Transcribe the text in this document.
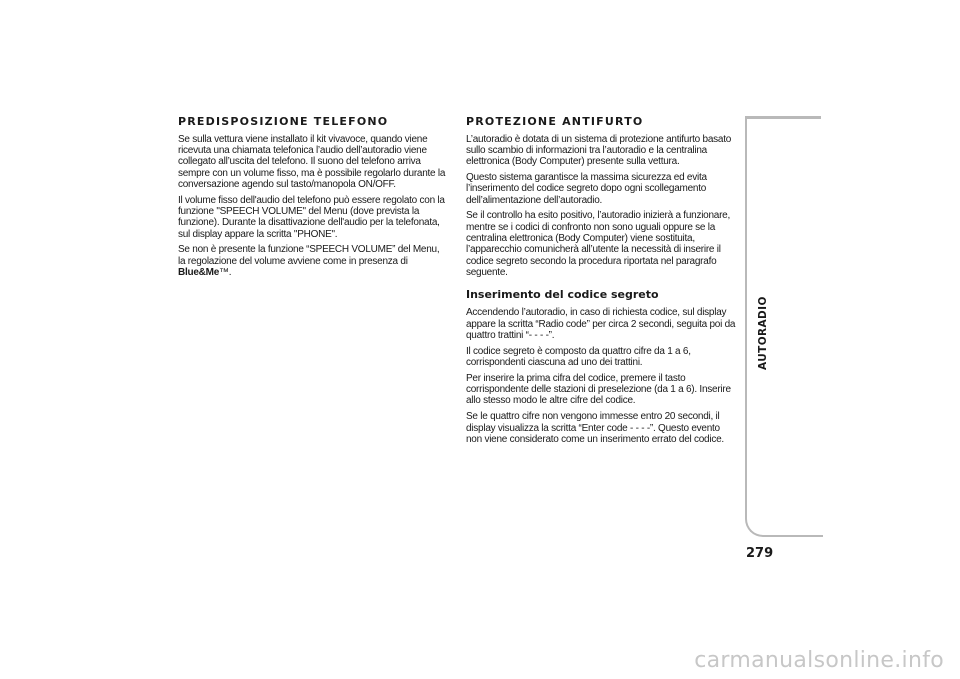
PREDISPOSIZIONE TELEFONO

Se sulla vettura viene installato il kit vivavoce, quando viene ricevuta una chiamata telefonica l’audio dell’autoradio viene collegato all’uscita del telefono. Il suono del telefono arriva sempre con un volume fisso, ma è possibile regolarlo durante la conversazione agendo sul tasto/manopola ON/OFF.

Il volume fisso dell'audio del telefono può essere regolato con la funzione "SPEECH VOLUME" del Menu (dove prevista la funzione). Durante la disattivazione dell'audio per la telefonata, sul display appare la scritta "PHONE".

Se non è presente la funzione “SPEECH VOLUME” del Menu, la regolazione del volume avviene come in presenza di
Blue&Me™.

PROTEZIONE ANTIFURTO

L’autoradio è dotata di un sistema di protezione antifurto basato sullo scambio di informazioni tra l’autoradio e la centralina elettronica (Body Computer) presente sulla vettura.

Questo sistema garantisce la massima sicurezza ed evita l’inserimento del codice segreto dopo ogni scollegamento dell’alimentazione dell’autoradio.

Se il controllo ha esito positivo, l’autoradio inizierà a funzionare, mentre se i codici di confronto non sono uguali oppure se la centralina elettronica (Body Computer) viene sostituita, l’apparecchio comunicherà all’utente la necessità di inserire il codice segreto secondo la procedura riportata nel paragrafo seguente.

Inserimento del codice segreto

Accendendo l’autoradio, in caso di richiesta codice, sul display appare la scritta “Radio code” per circa 2 secondi, seguita poi da quattro trattini “- - - -”.

Il codice segreto è composto da quattro cifre da 1 a 6, corrispondenti ciascuna ad uno dei trattini.

Per inserire la prima cifra del codice, premere il tasto corrispondente delle stazioni di preselezione (da 1 a 6). Inserire allo stesso modo le altre cifre del codice.

Se le quattro cifre non vengono immesse entro 20 secondi, il display visualizza la scritta “Enter code - - - -”. Questo evento non viene considerato come un inserimento errato del codice.

AUTORADIO
279
carmanualsonline.info
